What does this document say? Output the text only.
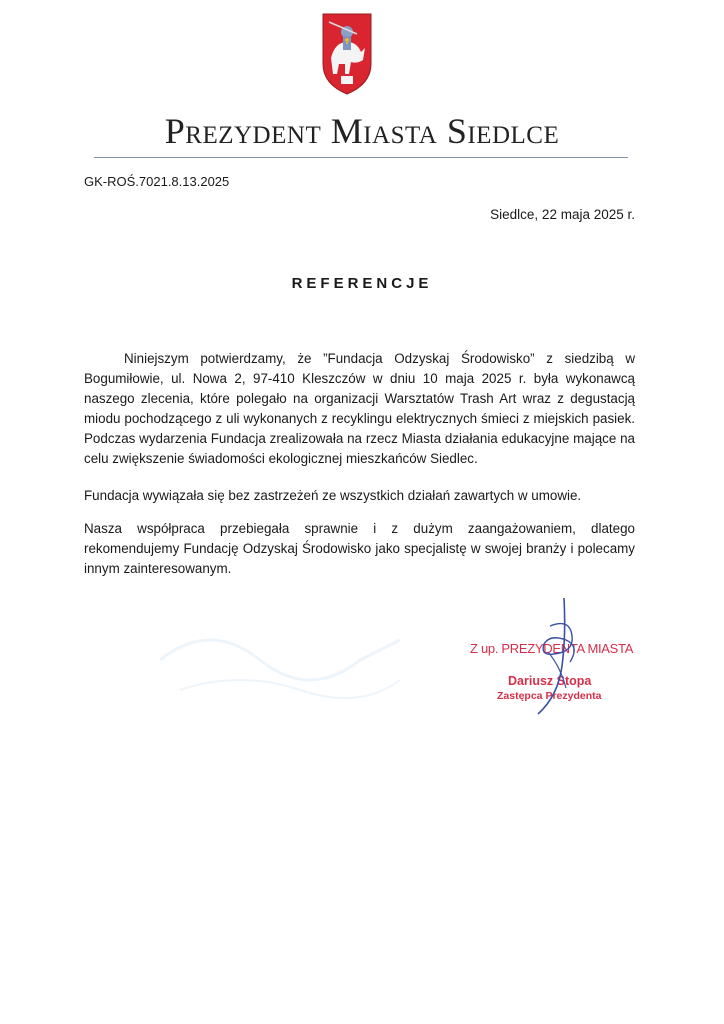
Prezydent Miasta Siedlce
GK-ROŚ.7021.8.13.2025
Siedlce, 22 maja 2025 r.
REFERENCJE

Niniejszym potwierdzamy, że ”Fundacja Odzyskaj Środowisko” z siedzibą w Bogumiłowie, ul. Nowa 2, 97-410 Kleszczów w dniu 10 maja 2025 r. była wykonawcą naszego zlecenia, które polegało na organizacji Warsztatów Trash Art wraz z degustacją miodu pochodzącego z uli wykonanych z recyklingu elektrycznych śmieci z miejskich pasiek. Podczas wydarzenia Fundacja zrealizowała na rzecz Miasta działania edukacyjne mające na celu zwiększenie świadomości ekologicznej mieszkańców Siedlec.

Fundacja wywiązała się bez zastrzeżeń ze wszystkich działań zawartych w umowie.

Nasza współpraca przebiegała sprawnie i z dużym zaangażowaniem, dlatego rekomendujemy Fundację Odzyskaj Środowisko jako specjalistę w swojej branży i polecamy innym zainteresowanym.

Z up. PREZYDENTA MIASTA
Dariusz Stopa
Zastępca Prezydenta
